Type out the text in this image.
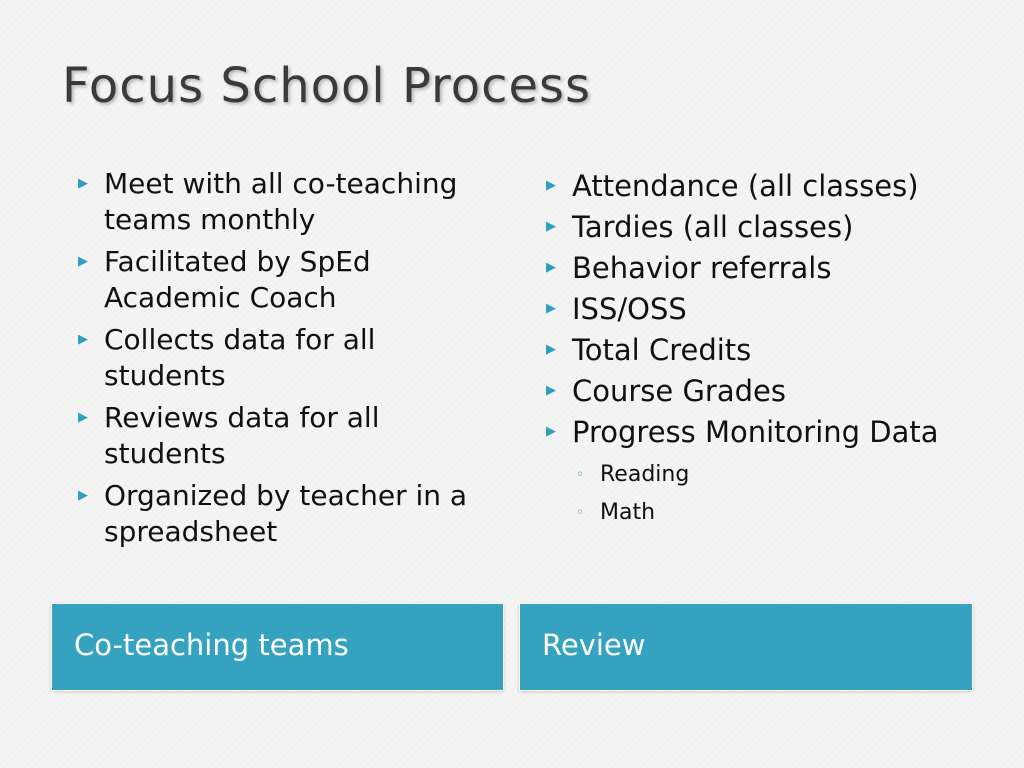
Focus School Process
▶ Meet with all co-teaching teams monthly
▶ Facilitated by SpEd Academic Coach
▶ Collects data for all students
▶ Reviews data for all students
▶ Organized by teacher in a spreadsheet
▶ Attendance (all classes)
▶ Tardies (all classes)
▶ Behavior referrals
▶ ISS/OSS
▶ Total Credits
▶ Course Grades
▶ Progress Monitoring Data
◦ Reading
◦ Math
Co-teaching teams	Review
